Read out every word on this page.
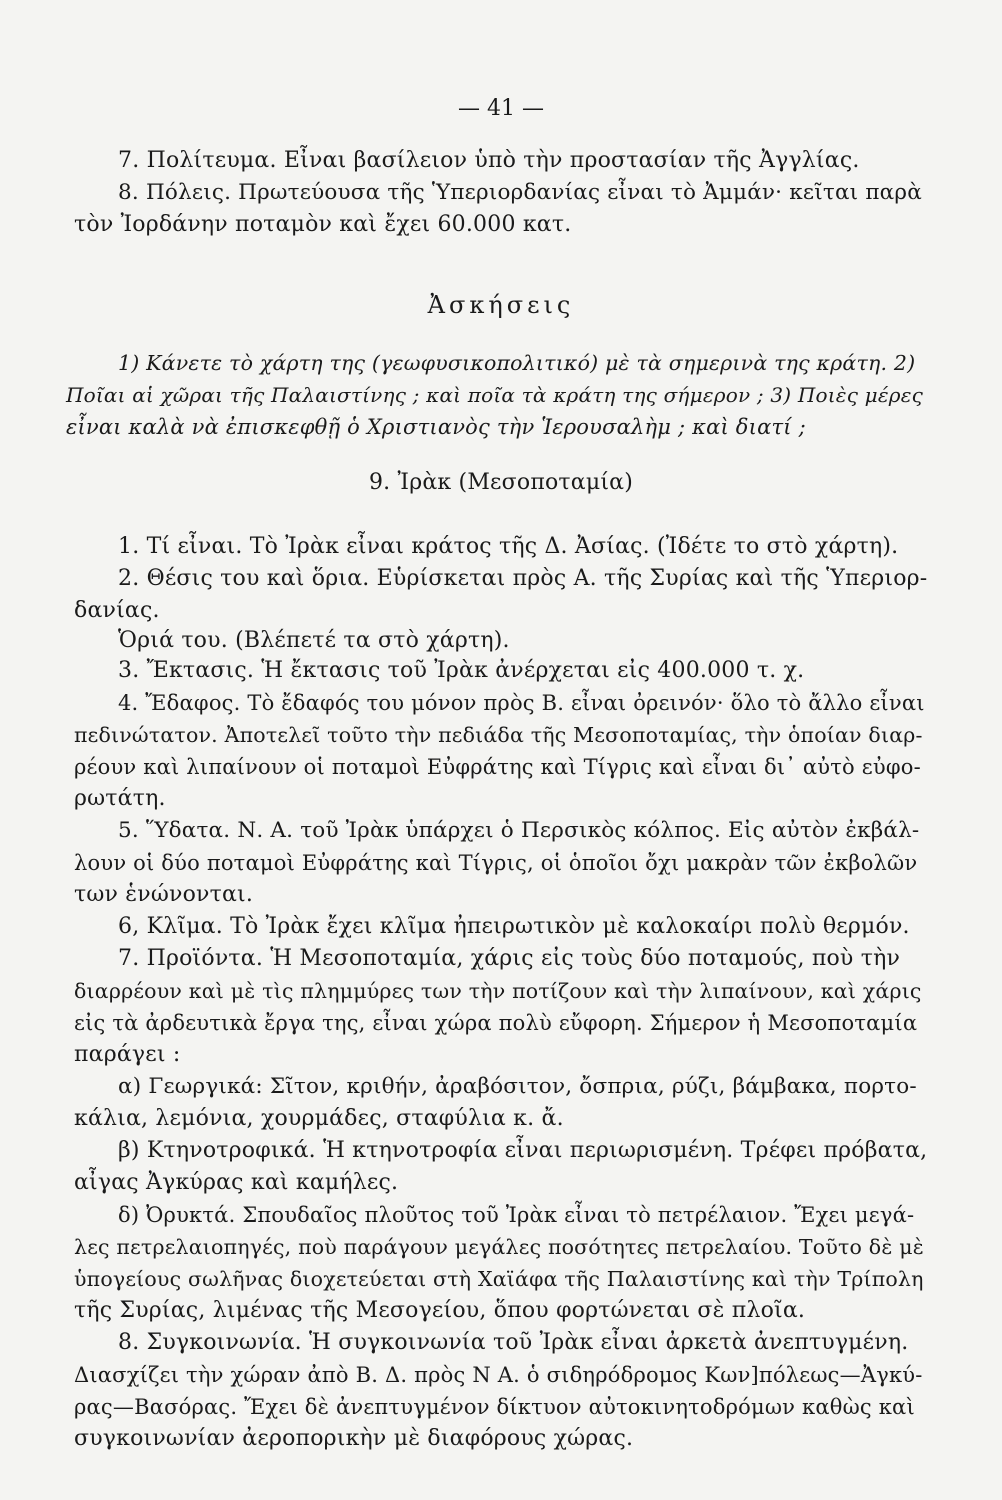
— 41 —
7. Πολίτευμα. Εἶναι βασίλειον ὑπὸ τὴν προστασίαν τῆς Ἀγγλίας.
8. Πόλεις. Πρωτεύουσα τῆς Ὑπεριορδανίας εἶναι τὸ Ἀμμάν· κεῖται παρὰ
τὸν Ἰορδάνην ποταμὸν καὶ ἔχει 60.000 κατ.
Ἀσκήσεις
1) Κάνετε τὸ χάρτη της (γεωφυσικοπολιτικό) μὲ τὰ σημερινὰ της κράτη. 2)
Ποῖαι αἱ χῶραι τῆς Παλαιστίνης ; καὶ ποῖα τὰ κράτη της σήμερον ; 3) Ποιὲς μέρες
εἶναι καλὰ νὰ ἐπισκεφθῇ ὁ Χριστιανὸς τὴν Ἱερουσαλὴμ ; καὶ διατί ;
9. Ἰρὰκ (Μεσοποταμία)
1. Τί εἶναι. Τὸ Ἰρὰκ εἶναι κράτος τῆς Δ. Ἀσίας. (Ἰδέτε το στὸ χάρτη).
2. Θέσις του καὶ ὅρια. Εὑρίσκεται πρὸς Α. τῆς Συρίας καὶ τῆς Ὑπεριορ-
δανίας.
Ὁριά του. (Βλέπετέ τα στὸ χάρτη).
3. Ἔκτασις. Ἡ ἔκτασις τοῦ Ἰρὰκ ἀνέρχεται εἰς 400.000 τ. χ.
4. Ἔδαφος. Τὸ ἔδαφός του μόνον πρὸς Β. εἶναι ὀρεινόν· ὅλο τὸ ἄλλο εἶναι
πεδινώτατον. Ἀποτελεῖ τοῦτο τὴν πεδιάδα τῆς Μεσοποταμίας, τὴν ὁποίαν διαρ-
ρέουν καὶ λιπαίνουν οἱ ποταμοὶ Εὐφράτης καὶ Τίγρις καὶ εἶναι δι᾽ αὐτὸ εὐφο-
ρωτάτη.
5. Ὕδατα. Ν. Α. τοῦ Ἰρὰκ ὑπάρχει ὁ Περσικὸς κόλπος. Εἰς αὐτὸν ἐκβάλ-
λουν οἱ δύο ποταμοὶ Εὐφράτης καὶ Τίγρις, οἱ ὁποῖοι ὄχι μακρὰν τῶν ἐκβολῶν
των ἑνώνονται.
6, Κλῖμα. Τὸ Ἰρὰκ ἔχει κλῖμα ἠπειρωτικὸν μὲ καλοκαίρι πολὺ θερμόν.
7. Προϊόντα. Ἡ Μεσοποταμία, χάρις εἰς τοὺς δύο ποταμούς, ποὺ τὴν
διαρρέουν καὶ μὲ τὶς πλημμύρες των τὴν ποτίζουν καὶ τὴν λιπαίνουν, καὶ χάρις
εἰς τὰ ἀρδευτικὰ ἔργα της, εἶναι χώρα πολὺ εὔφορη. Σήμερον ἡ Μεσοποταμία
παράγει :
α) Γεωργικά: Σῖτον, κριθήν, ἀραβόσιτον, ὄσπρια, ρύζι, βάμβακα, πορτο-
κάλια, λεμόνια, χουρμάδες, σταφύλια κ. ἄ.
β) Κτηνοτροφικά. Ἡ κτηνοτροφία εἶναι περιωρισμένη. Τρέφει πρόβατα,
αἶγας Ἀγκύρας καὶ καμήλες.
δ) Ὀρυκτά. Σπουδαῖος πλοῦτος τοῦ Ἰρὰκ εἶναι τὸ πετρέλαιον. Ἔχει μεγά-
λες πετρελαιοπηγές, ποὺ παράγουν μεγάλες ποσότητες πετρελαίου. Τοῦτο δὲ μὲ
ὑπογείους σωλῆνας διοχετεύεται στὴ Χαϊάφα τῆς Παλαιστίνης καὶ τὴν Τρίπολη
τῆς Συρίας, λιμένας τῆς Μεσογείου, ὅπου φορτώνεται σὲ πλοῖα.
8. Συγκοινωνία. Ἡ συγκοινωνία τοῦ Ἰρὰκ εἶναι ἀρκετὰ ἀνεπτυγμένη.
Διασχίζει τὴν χώραν ἀπὸ Β. Δ. πρὸς Ν Α. ὁ σιδηρόδρομος Κων]πόλεως—Ἀγκύ-
ρας—Βασόρας. Ἔχει δὲ ἀνεπτυγμένον δίκτυον αὐτοκινητοδρόμων καθὼς καὶ
συγκοινωνίαν ἀεροπορικὴν μὲ διαφόρους χώρας.
